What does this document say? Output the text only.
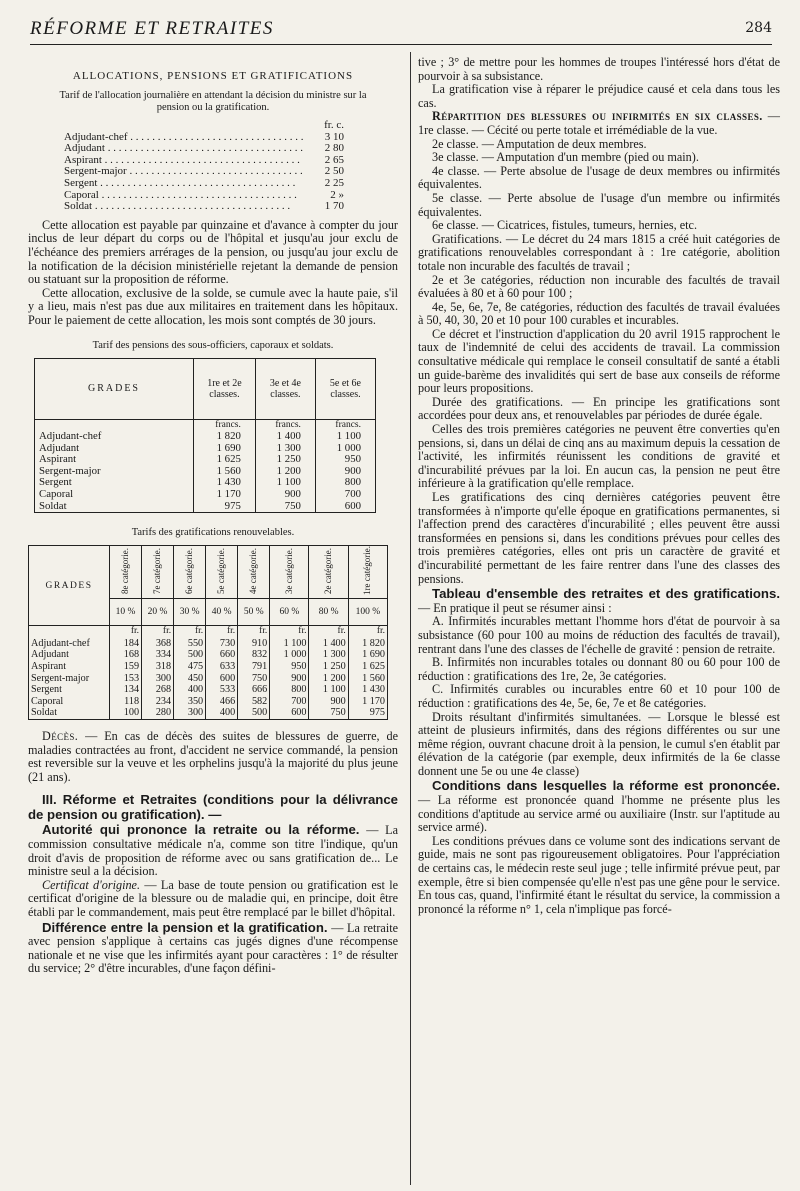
RÉFORME ET RETRAITES	284

ALLOCATIONS, PENSIONS ET GRATIFICATIONS

Tarif de l'allocation journalière en attendant la décision du ministre sur la pension ou la gratification.

fr. c.
Adjudant-chef . . .	3 10
Adjudant . . .	2 80
Aspirant . . .	2 65
Sergent-major . . .	2 50
Sergent . . .	2 25
Caporal . . .	2 »
Soldat . . .	1 70

Cette allocation est payable par quinzaine et d'avance à compter du jour inclus de leur départ du corps ou de l'hôpital et jusqu'au jour exclu de l'échéance des premiers arrérages de la pension, ou jusqu'au jour exclu de la notification de la décision ministérielle rejetant la demande de pension ou statuant sur la proposition de réforme.

Cette allocation, exclusive de la solde, se cumule avec la haute paie, s'il y a lieu, mais n'est pas due aux militaires en traitement dans les hôpitaux. Pour le paiement de cette allocation, les mois sont comptés de 30 jours.

Tarif des pensions des sous-officiers, caporaux et soldats.

GRADES	1re et 2e classes.	3e et 4e classes.	5e et 6e classes.
	francs.	francs.	francs.
Adjudant-chef	1 820	1 400	1 100
Adjudant	1 690	1 300	1 000
Aspirant	1 625	1 250	950
Sergent-major	1 560	1 200	900
Sergent	1 430	1 100	800
Caporal	1 170	900	700
Soldat	975	750	600

Tarifs des gratifications renouvelables.

GRADES	8e catégorie.	7e catégorie.	6e catégorie.	5e catégorie.	4e catégorie.	3e catégorie.	2e catégorie.	1re catégorie.
	10 %	20 %	30 %	40 %	50 %	60 %	80 %	100 %
	fr.	fr.	fr.	fr.	fr.	fr.	fr.	fr.
Adjudant-chef	184	368	550	730	910	1 100	1 400	1 820
Adjudant	168	334	500	660	832	1 000	1 300	1 690
Aspirant	159	318	475	633	791	950	1 250	1 625
Sergent-major	153	300	450	600	750	900	1 200	1 560
Sergent	134	268	400	533	666	800	1 100	1 430
Caporal	118	234	350	466	582	700	900	1 170
Soldat	100	280	300	400	500	600	750	975

Décès. — En cas de décès des suites de blessures de guerre, de maladies contractées au front, d'accident ne service commandé, la pension est reversible sur la veuve et les orphelins jusqu'à la majorité du plus jeune (21 ans).

III. Réforme et Retraites (conditions pour la délivrance de pension ou gratification). —

Autorité qui prononce la retraite ou la réforme. — La commission consultative médicale n'a, comme son titre l'indique, qu'un droit d'avis de proposition de réforme avec ou sans gratification de... Le ministre seul a la décision.

Certificat d'origine. — La base de toute pension ou gratification est le certificat d'origine de la blessure ou de maladie qui, en principe, doit être établi par le commandement, mais peut être remplacé par le billet d'hôpital.

Différence entre la pension et la gratification. — La retraite avec pension s'applique à certains cas jugés dignes d'une récompense nationale et ne vise que les infirmités ayant pour caractères : 1° de résulter du service; 2° d'être incurables, d'une façon défini-

tive ; 3° de mettre pour les hommes de troupes l'intéressé hors d'état de pourvoir à sa subsistance.

La gratification vise à réparer le préjudice causé et cela dans tous les cas.

Répartition des blessures ou infirmités en six classes. — 1re classe. — Cécité ou perte totale et irrémédiable de la vue.

2e classe. — Amputation de deux membres.

3e classe. — Amputation d'un membre (pied ou main).

4e classe. — Perte absolue de l'usage de deux membres ou infirmités équivalentes.

5e classe. — Perte absolue de l'usage d'un membre ou infirmités équivalentes.

6e classe. — Cicatrices, fistules, tumeurs, hernies, etc.

Gratifications. — Le décret du 24 mars 1815 a créé huit catégories de gratifications renouvelables correspondant à : 1re catégorie, abolition totale non incurable des facultés de travail ;

2e et 3e catégories, réduction non incurable des facultés de travail évaluées à 80 et à 60 pour 100 ;

4e, 5e, 6e, 7e, 8e catégories, réduction des facultés de travail évaluées à 50, 40, 30, 20 et 10 pour 100 curables et incurables.

Ce décret et l'instruction d'application du 20 avril 1915 rapprochent le taux de l'indemnité de celui des accidents de travail. La commission consultative médicale qui remplace le conseil consultatif de santé a établi un guide-barème des invalidités qui sert de base aux conseils de réforme pour leurs propositions.

Durée des gratifications. — En principe les gratifications sont accordées pour deux ans, et renouvelables par périodes de durée égale.

Celles des trois premières catégories ne peuvent être converties qu'en pensions, si, dans un délai de cinq ans au maximum depuis la cessation de l'activité, les infirmités réunissent les conditions de gravité et d'incurabilité prévues par la loi. En aucun cas, la pension ne peut être inférieure à la gratification qu'elle remplace.

Les gratifications des cinq dernières catégories peuvent être transformées à n'importe qu'elle époque en gratifications permanentes, si l'affection prend des caractères d'incurabilité ; elles peuvent être aussi transformées en pensions si, dans les conditions prévues pour celles des trois premières catégories, elles ont pris un caractère de gravité et d'incurabilité permettant de les faire rentrer dans l'une des classes des pensions.

Tableau d'ensemble des retraites et des gratifications. — En pratique il peut se résumer ainsi :

A. Infirmités incurables mettant l'homme hors d'état de pourvoir à sa subsistance (60 pour 100 au moins de réduction des facultés de travail), rentrant dans l'une des classes de l'échelle de gravité : pension de retraite.

B. Infirmités non incurables totales ou donnant 80 ou 60 pour 100 de réduction : gratifications des 1re, 2e, 3e catégories.

C. Infirmités curables ou incurables entre 60 et 10 pour 100 de réduction : gratifications des 4e, 5e, 6e, 7e et 8e catégories.

Droits résultant d'infirmités simultanées. — Lorsque le blessé est atteint de plusieurs infirmités, dans des régions différentes ou sur une même région, ouvrant chacune droit à la pension, le cumul s'en établit par élévation de la catégorie (par exemple, deux infirmités de la 6e classe donnent une 5e ou une 4e classe)

Conditions dans lesquelles la réforme est prononcée. — La réforme est prononcée quand l'homme ne présente plus les conditions d'aptitude au service armé ou auxiliaire (Instr. sur l'aptitude au service armé).

Les conditions prévues dans ce volume sont des indications servant de guide, mais ne sont pas rigoureusement obligatoires. Pour l'appréciation de certains cas, le médecin reste seul juge ; telle infirmité prévue peut, par exemple, être si bien compensée qu'elle n'est pas une gêne pour le service. En tous cas, quand, l'infirmité étant le résultat du service, la commission a prononcé la réforme n° 1, cela n'implique pas forcé-
